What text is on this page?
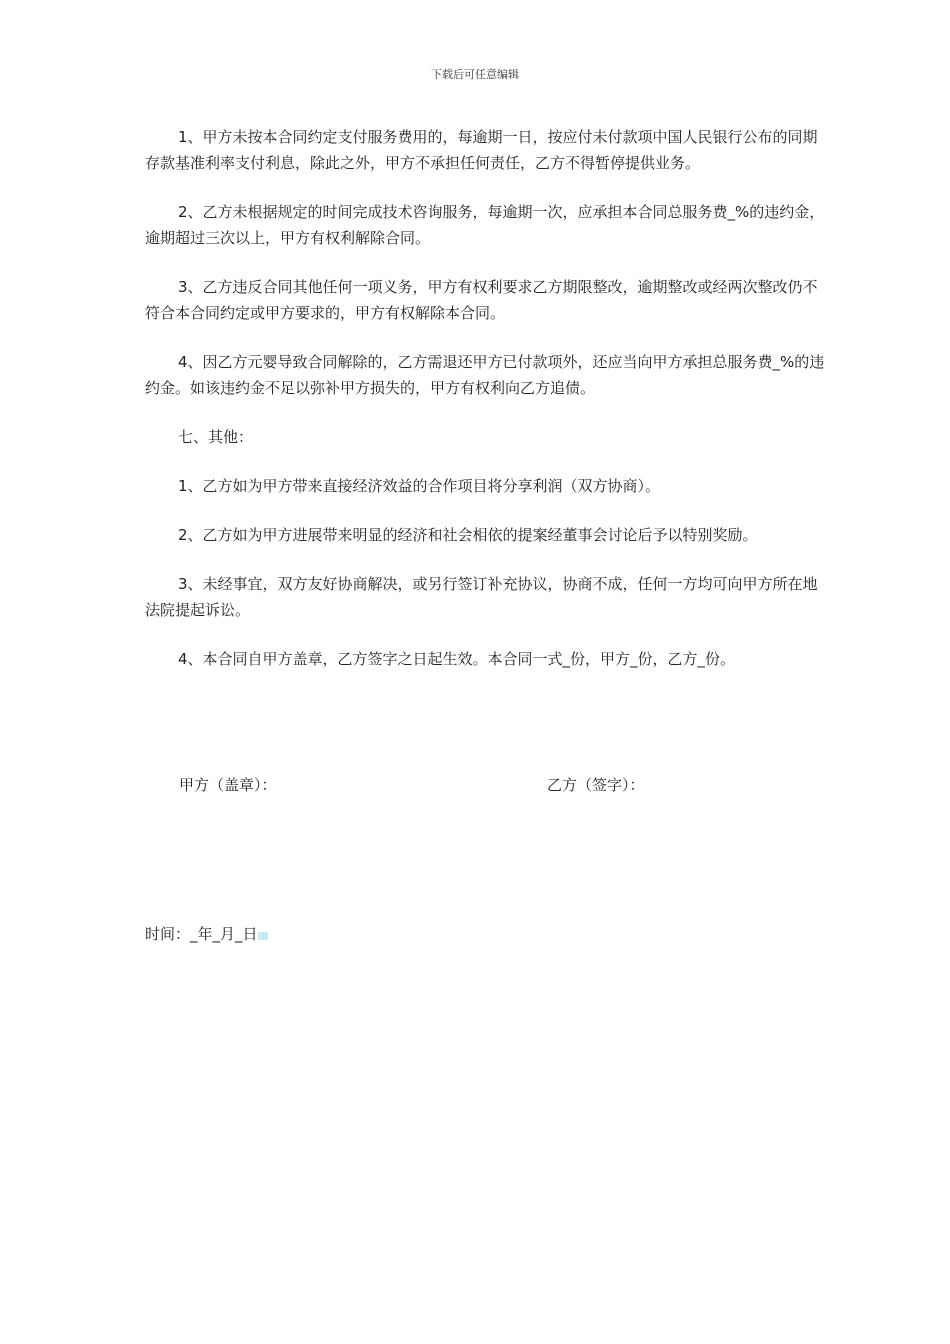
下载后可任意编辑

1、甲方未按本合同约定支付服务费用的，每逾期一日，按应付未付款项中国人民银行公布的同期存款基准利率支付利息，除此之外，甲方不承担任何责任，乙方不得暂停提供业务。

2、乙方未根据规定的时间完成技术咨询服务，每逾期一次，应承担本合同总服务费_%的违约金，逾期超过三次以上，甲方有权利解除合同。

3、乙方违反合同其他任何一项义务，甲方有权利要求乙方期限整改，逾期整改或经两次整改仍不符合本合同约定或甲方要求的，甲方有权解除本合同。

4、因乙方元婴导致合同解除的，乙方需退还甲方已付款项外，还应当向甲方承担总服务费_%的违约金。如该违约金不足以弥补甲方损失的，甲方有权利向乙方追债。

七、其他：

1、乙方如为甲方带来直接经济效益的合作项目将分享利润（双方协商）。

2、乙方如为甲方进展带来明显的经济和社会相依的提案经董事会讨论后予以特别奖励。

3、未经事宜，双方友好协商解决，或另行签订补充协议，协商不成，任何一方均可向甲方所在地法院提起诉讼。

4、本合同自甲方盖章，乙方签字之日起生效。本合同一式_份，甲方_份，乙方_份。

甲方（盖章）：	乙方（签字）：
时间：_年_月_日
